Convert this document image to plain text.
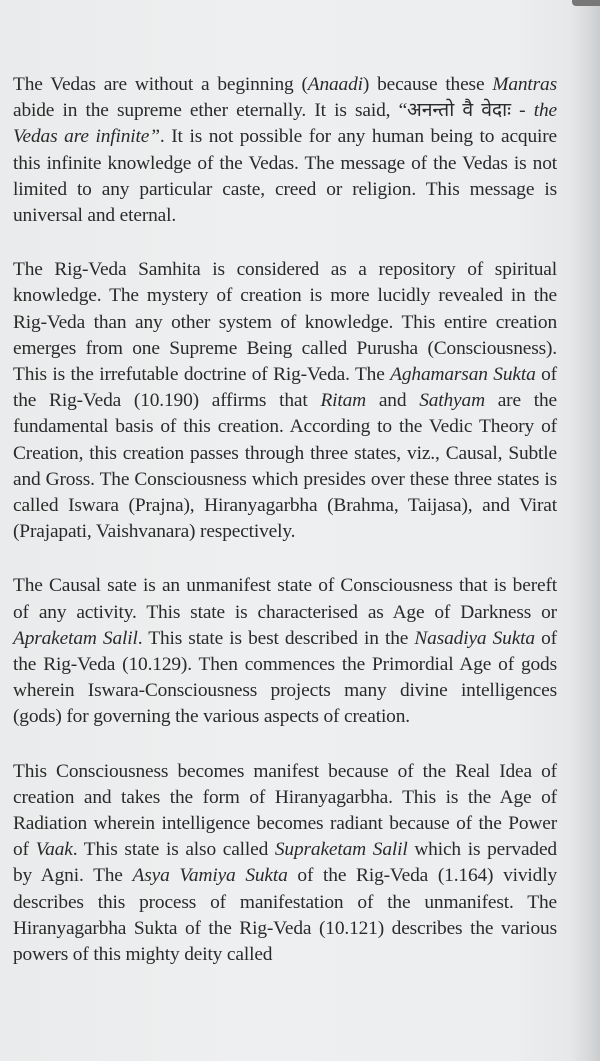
The Vedas are without a beginning (Anaadi) because these Mantras abide in the supreme ether eternally. It is said, “अनन्तो वै वेदाः - the Vedas are infinite”. It is not possible for any human being to acquire this infinite knowledge of the Vedas. The message of the Vedas is not limited to any particular caste, creed or religion. This message is universal and eternal.

The Rig-Veda Samhita is considered as a repository of spiritual knowledge. The mystery of creation is more lucidly revealed in the Rig-Veda than any other system of knowledge. This entire creation emerges from one Supreme Being called Purusha (Consciousness). This is the irrefutable doctrine of Rig-Veda. The Aghamarsan Sukta of the Rig-Veda (10.190) affirms that Ritam and Sathyam are the fundamental basis of this creation. According to the Vedic Theory of Creation, this creation passes through three states, viz., Causal, Subtle and Gross. The Consciousness which presides over these three states is called Iswara (Prajna), Hiranyagarbha (Brahma, Taijasa), and Virat (Prajapati, Vaishvanara) respectively.

The Causal sate is an unmanifest state of Consciousness that is bereft of any activity. This state is characterised as Age of Darkness or Apraketam Salil. This state is best described in the Nasadiya Sukta of the Rig-Veda (10.129). Then commences the Primordial Age of gods wherein Iswara-Consciousness projects many divine intelligences (gods) for governing the various aspects of creation.

This Consciousness becomes manifest because of the Real Idea of creation and takes the form of Hiranyagarbha. This is the Age of Radiation wherein intelligence becomes radiant because of the Power of Vaak. This state is also called Supraketam Salil which is pervaded by Agni. The Asya Vamiya Sukta of the Rig-Veda (1.164) vividly describes this process of manifestation of the unmanifest. The Hiranyagarbha Sukta of the Rig-Veda (10.121) describes the various powers of this mighty deity called
